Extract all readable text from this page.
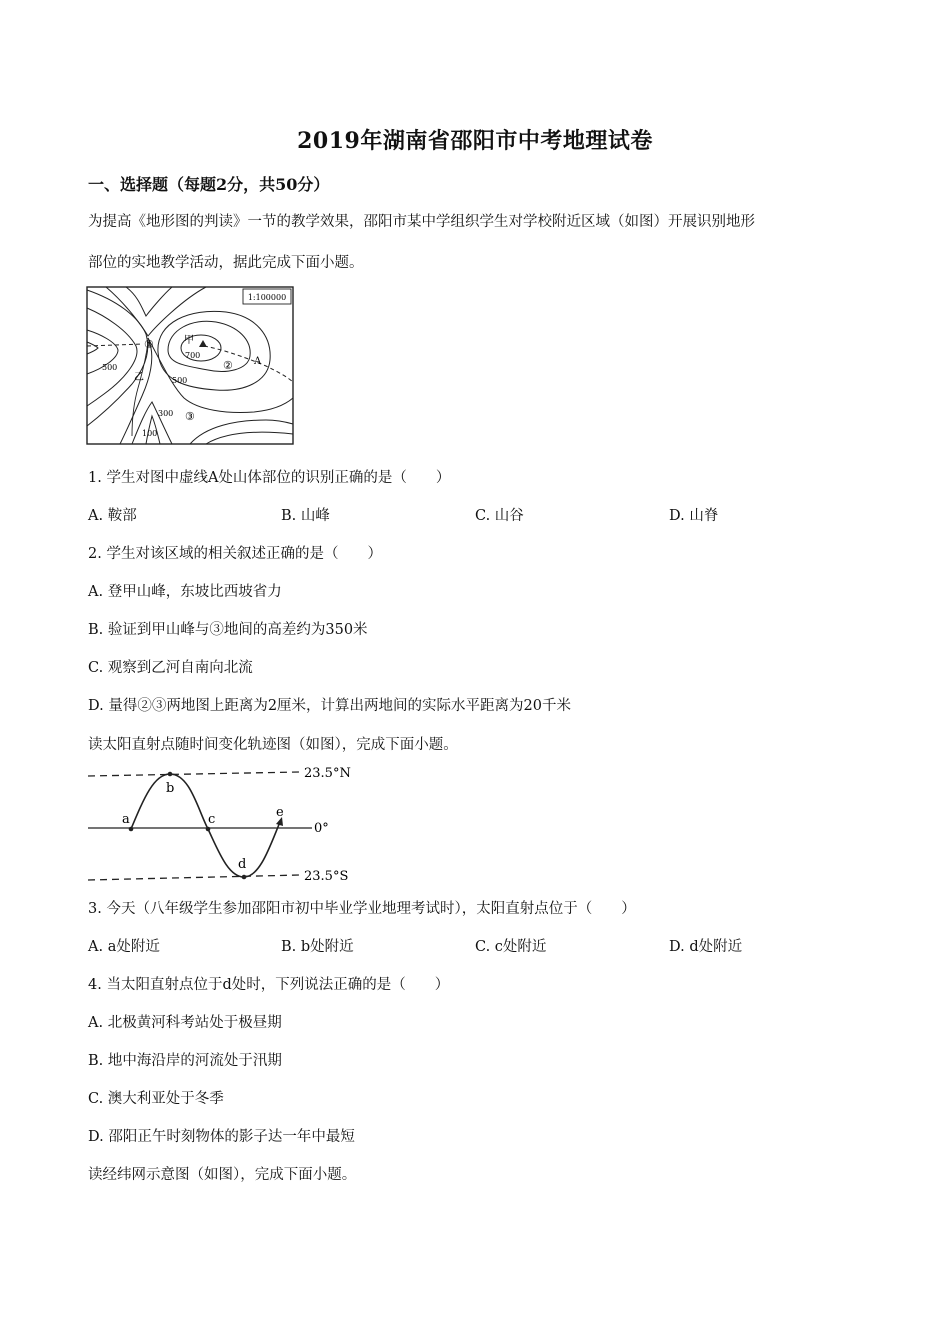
2019年湖南省邵阳市中考地理试卷
一、选择题（每题2分，共50分）
为提高《地形图的判读》一节的教学效果，邵阳市某中学组织学生对学校附近区域（如图）开展识别地形
部位的实地教学活动，据此完成下面小题。
1:100000
甲
700
A
①
②
③
500
500
300
100
乙
1. 学生对图中虚线A处山体部位的识别正确的是（　　）
A. 鞍部	B. 山峰	C. 山谷	D. 山脊
2. 学生对该区域的相关叙述正确的是（　　）
A. 登甲山峰，东坡比西坡省力
B. 验证到甲山峰与③地间的高差约为350米
C. 观察到乙河自南向北流
D. 量得②③两地图上距离为2厘米，计算出两地间的实际水平距离为20千米
读太阳直射点随时间变化轨迹图（如图），完成下面小题。
23.5°N
0°
23.5°S
a
b
c
d
e
3. 今天（八年级学生参加邵阳市初中毕业学业地理考试时），太阳直射点位于（　　）
A. a处附近	B. b处附近	C. c处附近	D. d处附近
4. 当太阳直射点位于d处时，下列说法正确的是（　　）
A. 北极黄河科考站处于极昼期
B. 地中海沿岸的河流处于汛期
C. 澳大利亚处于冬季
D. 邵阳正午时刻物体的影子达一年中最短
读经纬网示意图（如图），完成下面小题。
